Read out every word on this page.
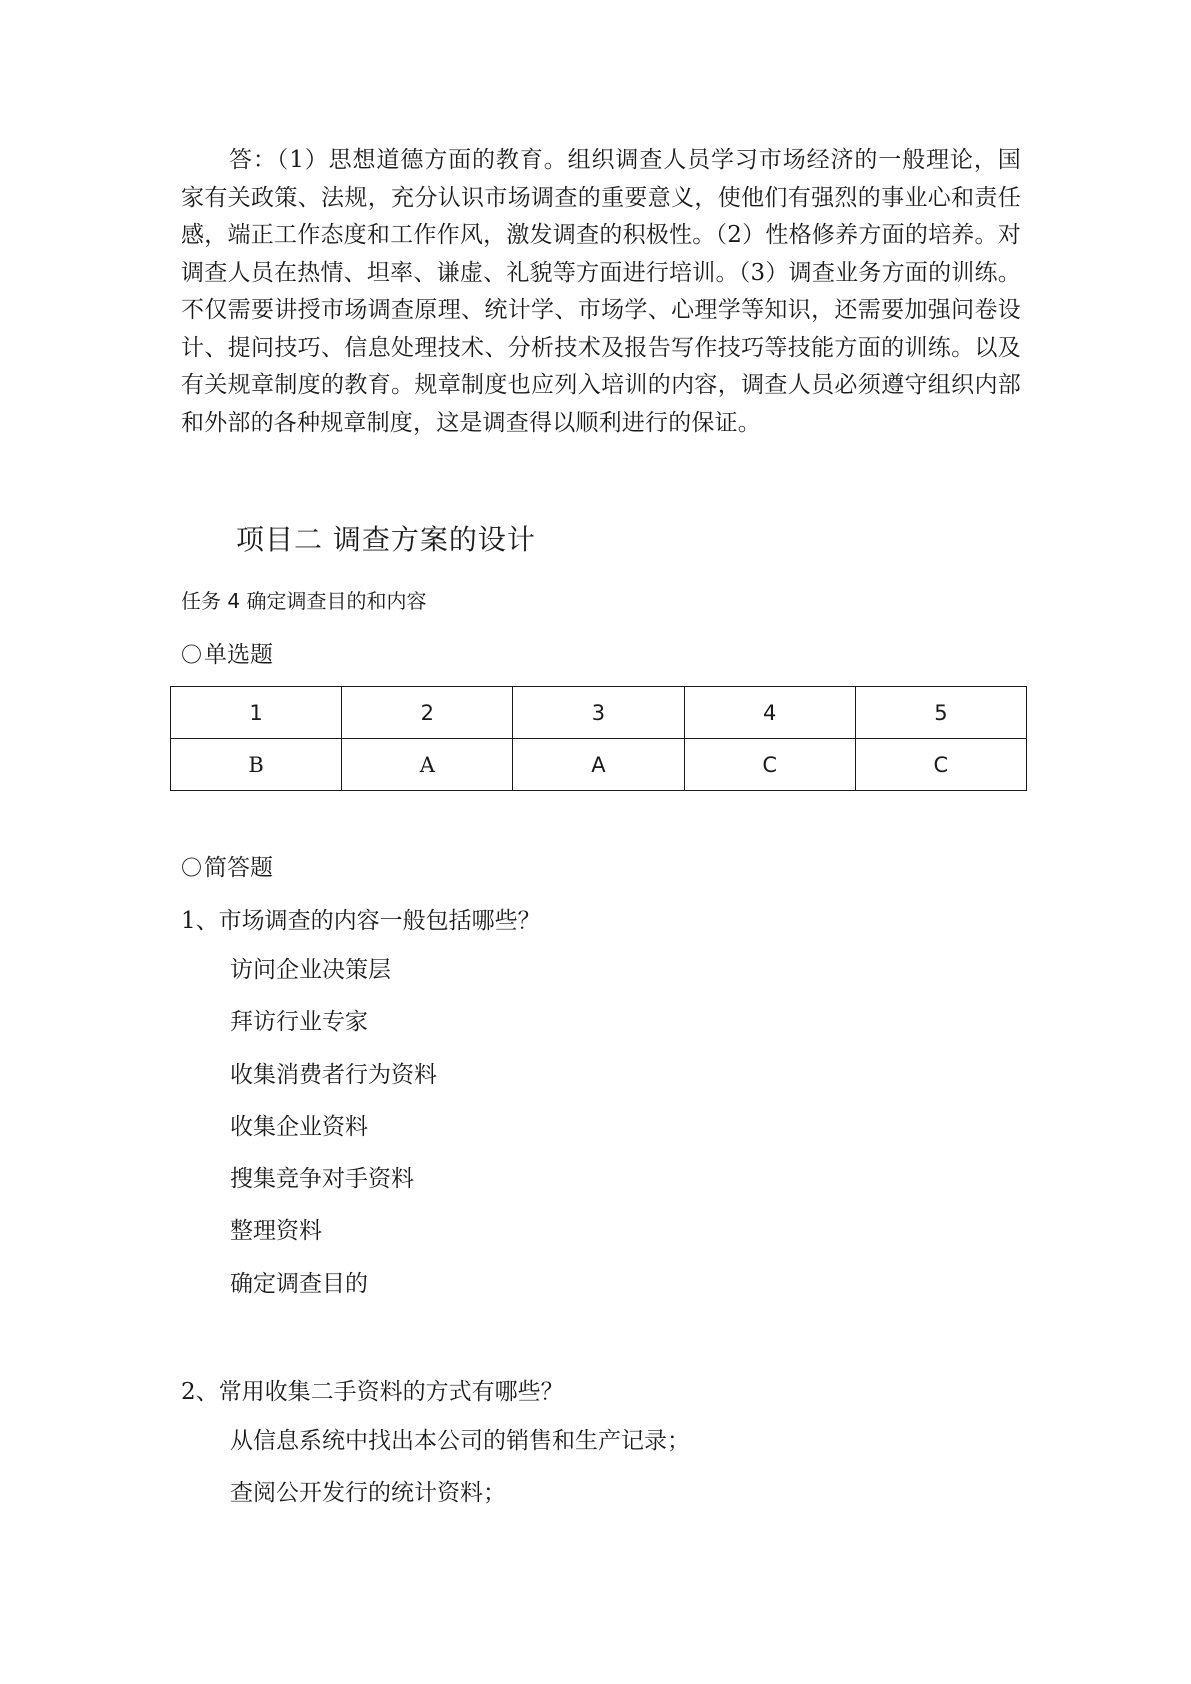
答：（1）思想道德方面的教育。组织调查人员学习市场经济的一般理论，国家有关政策、法规，充分认识市场调查的重要意义，使他们有强烈的事业心和责任感，端正工作态度和工作作风，激发调查的积极性。（2）性格修养方面的培养。对调查人员在热情、坦率、谦虚、礼貌等方面进行培训。（3）调查业务方面的训练。不仅需要讲授市场调查原理、统计学、市场学、心理学等知识，还需要加强问卷设计、提问技巧、信息处理技术、分析技术及报告写作技巧等技能方面的训练。以及有关规章制度的教育。规章制度也应列入培训的内容，调查人员必须遵守组织内部和外部的各种规章制度，这是调查得以顺利进行的保证。

项目二 调查方案的设计

任务 4 确定调查目的和内容

〇单选题

1	2	3	4	5
B	A	A	C	C

〇简答题

1、市场调查的内容一般包括哪些？

访问企业决策层
拜访行业专家
收集消费者行为资料
收集企业资料
搜集竞争对手资料
整理资料
确定调查目的

2、常用收集二手资料的方式有哪些？

从信息系统中找出本公司的销售和生产记录；
查阅公开发行的统计资料；
